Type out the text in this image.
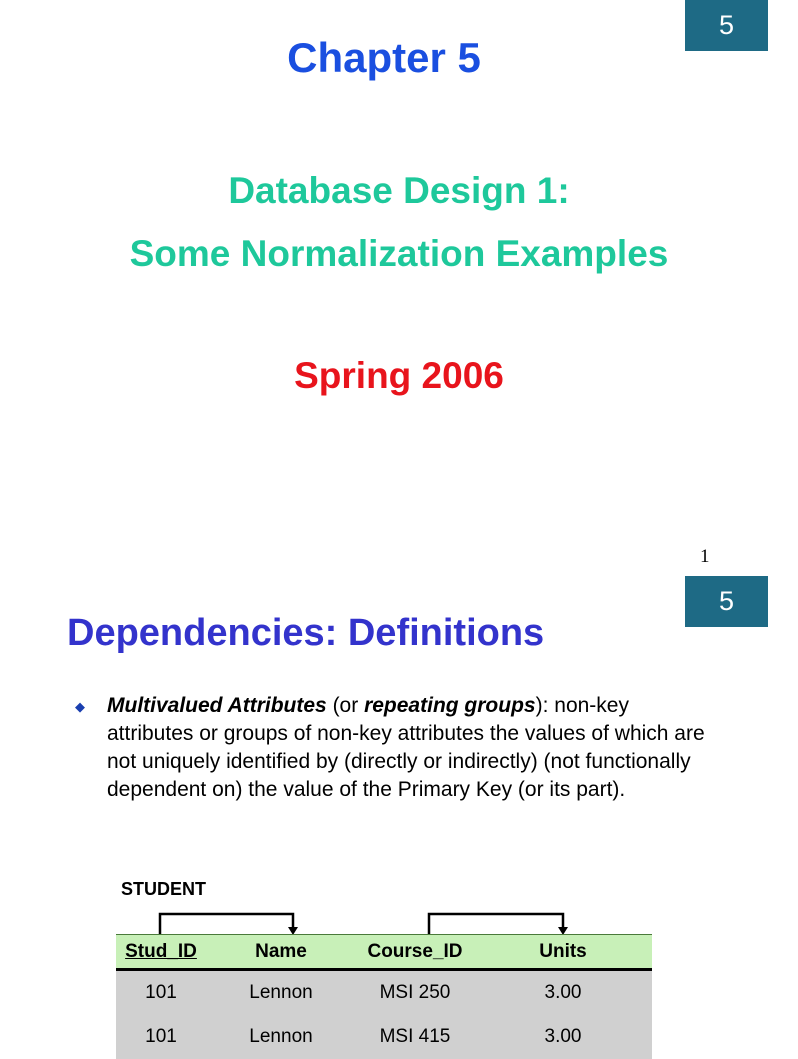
5
Chapter 5
Database Design 1:
Some Normalization Examples
Spring 2006
1
5
Dependencies: Definitions
◆ Multivalued Attributes (or repeating groups): non-key attributes or groups of non-key attributes the values of which are not uniquely identified by (directly or indirectly) (not functionally dependent on) the value of the Primary Key (or its part).
STUDENT
Stud_ID	Name	Course_ID	Units
101	Lennon	MSI 250	3.00
101	Lennon	MSI 415	3.00
